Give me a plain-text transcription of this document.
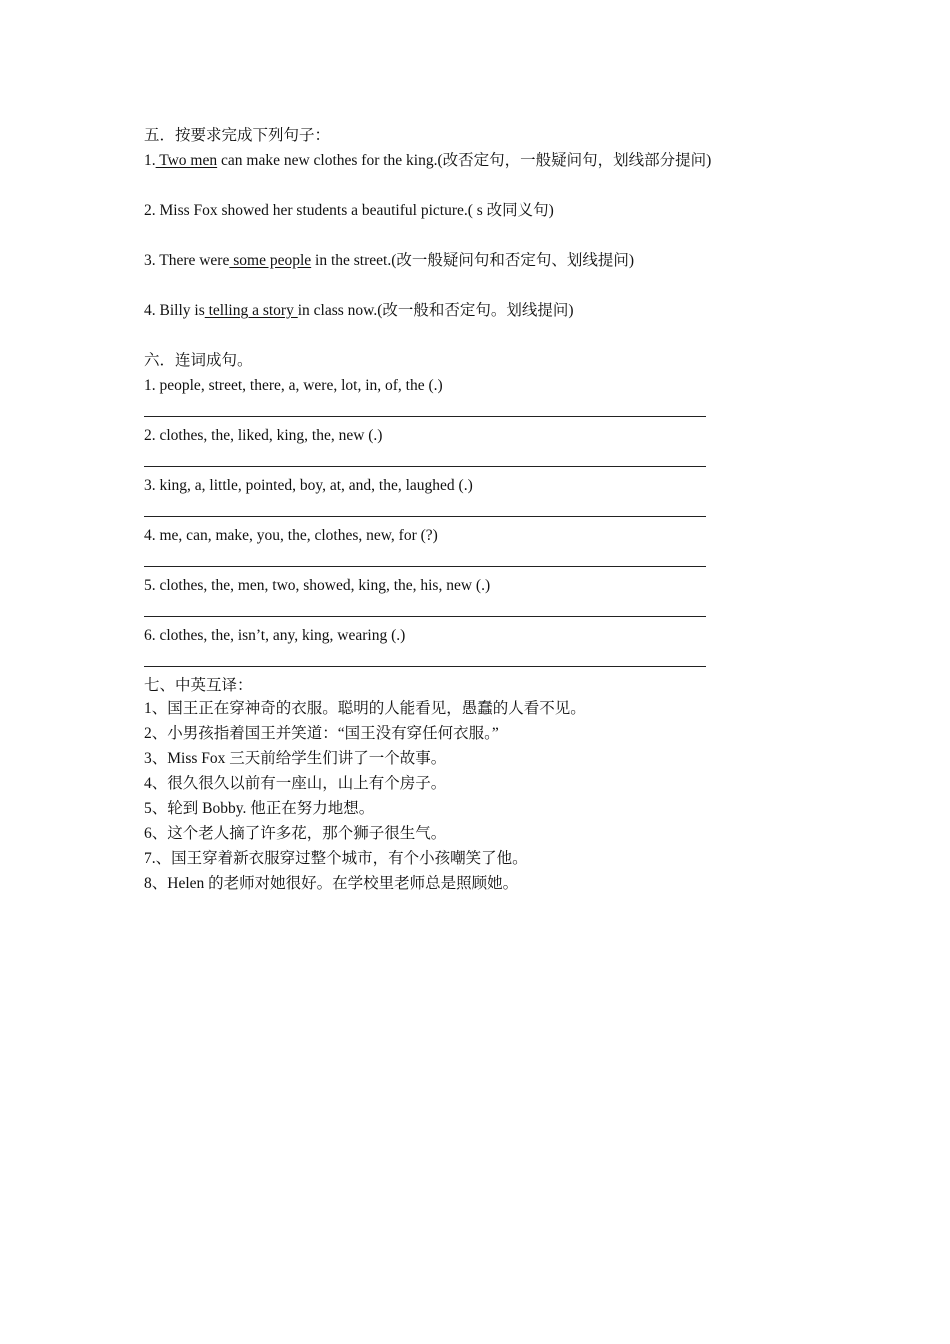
五．按要求完成下列句子：
1. Two men can make new clothes for the king.(改否定句，一般疑问句，划线部分提问)
2. Miss Fox showed her students a beautiful picture.( s 改同义句)
3. There were some people in the street.(改一般疑问句和否定句、划线提问)
4. Billy is telling a story in class now.(改一般和否定句。划线提问)
六．连词成句。
1. people, street, there, a, were, lot, in, of, the (.)
2. clothes, the, liked, king, the, new (.)
3. king, a, little, pointed, boy, at, and, the, laughed (.)
4. me, can, make, you, the, clothes, new, for (?)
5. clothes, the, men, two, showed, king, the, his, new (.)
6. clothes, the, isn’t, any, king, wearing (.)
七、中英互译：
1、国王正在穿神奇的衣服。聪明的人能看见，愚蠢的人看不见。
2、小男孩指着国王并笑道：“国王没有穿任何衣服。”
3、Miss Fox 三天前给学生们讲了一个故事。
4、很久很久以前有一座山，山上有个房子。
5、轮到 Bobby. 他正在努力地想。
6、这个老人摘了许多花，那个狮子很生气。
7.、国王穿着新衣服穿过整个城市，有个小孩嘲笑了他。
8、Helen 的老师对她很好。在学校里老师总是照顾她。
